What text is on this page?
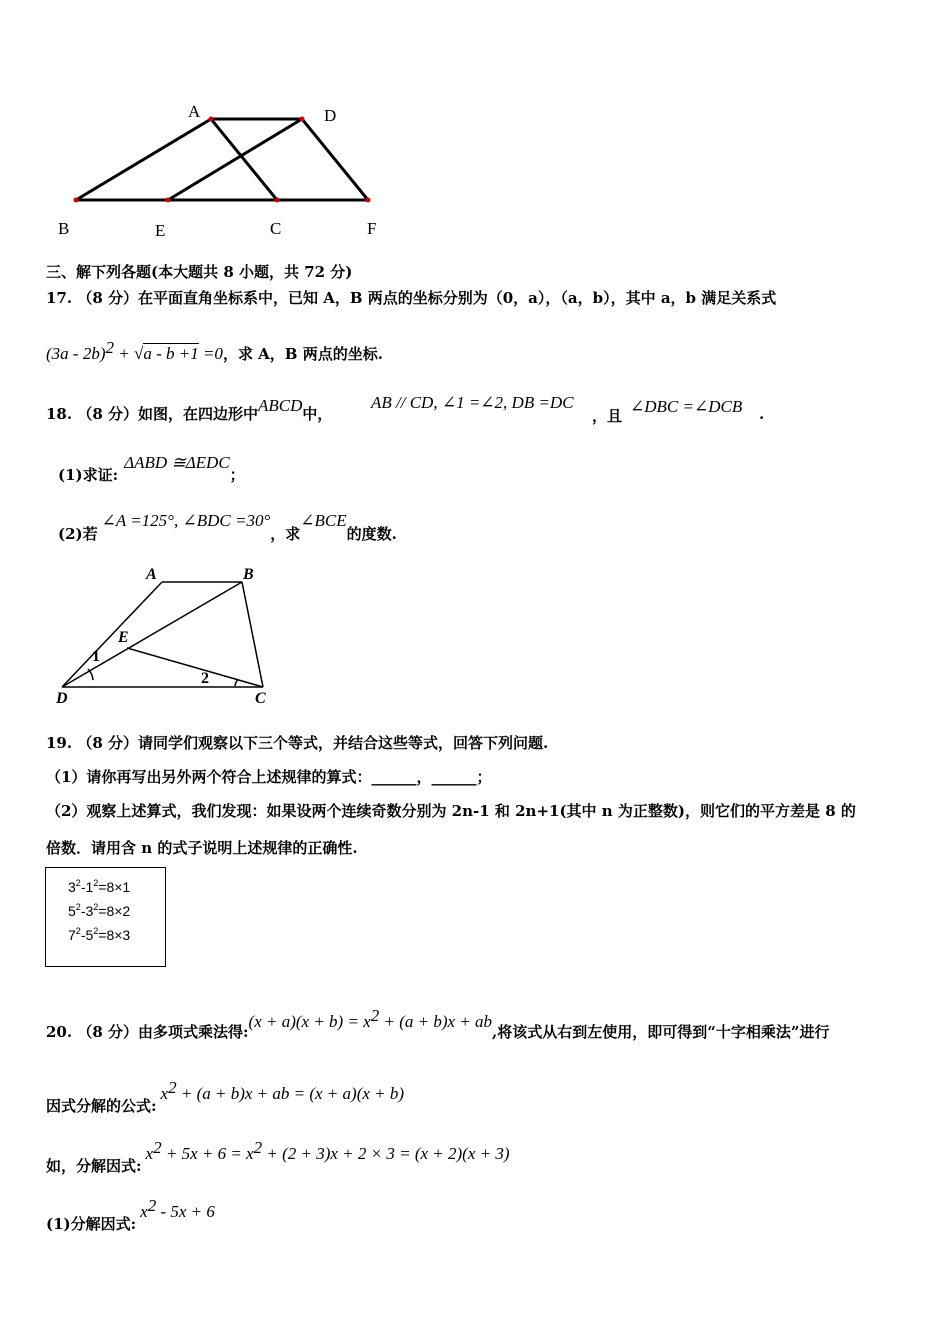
A	D
B	E	C	F
三、解下列各题(本大题共 8 小题，共 72 分)
17. （8 分）在平面直角坐标系中，已知 A，B 两点的坐标分别为（0，a），（a，b），其中 a，b 满足关系式
(3a - 2b)$^2$ + √a - b +1 =0，求 A，B 两点的坐标.
18. （8 分）如图，在四边形中ABCD中，
AB // CD, ∠1 =∠2, DB =DC
，且 ∠DBC =∠DCB .
(1)求证:ΔABD ≅ΔEDC；
(2)若∠A =125°, ∠BDC =30°，求∠BCE的度数.
A	B
E
D	C
1
2
19. （8 分）请同学们观察以下三个等式，并结合这些等式，回答下列问题.
（1）请你再写出另外两个符合上述规律的算式：______，______；
（2）观察上述算式，我们发现：如果设两个连续奇数分别为 2n-1 和 2n+1(其中 n 为正整数)，则它们的平方差是 8 的
倍数．请用含 n 的式子说明上述规律的正确性.
$3^2-1^2=8\times 1$
$5^2-3^2=8\times 2$
$7^2-5^2=8\times 3$
20. （8 分）由多项式乘法得:(x + $a)(x + b) = x^2 + (a + b)x$ + ab,将该式从右到左使用，即可得到“十字相乘法”进行
因式分解的公式$:x^2 + (a + b)x$ + ab = (x + a)(x + b)
如，分解因式$:x^2 + 5x + 6 = x^2 + (2 + 3)x + 2 \times 3 = (x + 2)(x + 3)$
(1)分解因式$:x^2 - 5x + 6$
